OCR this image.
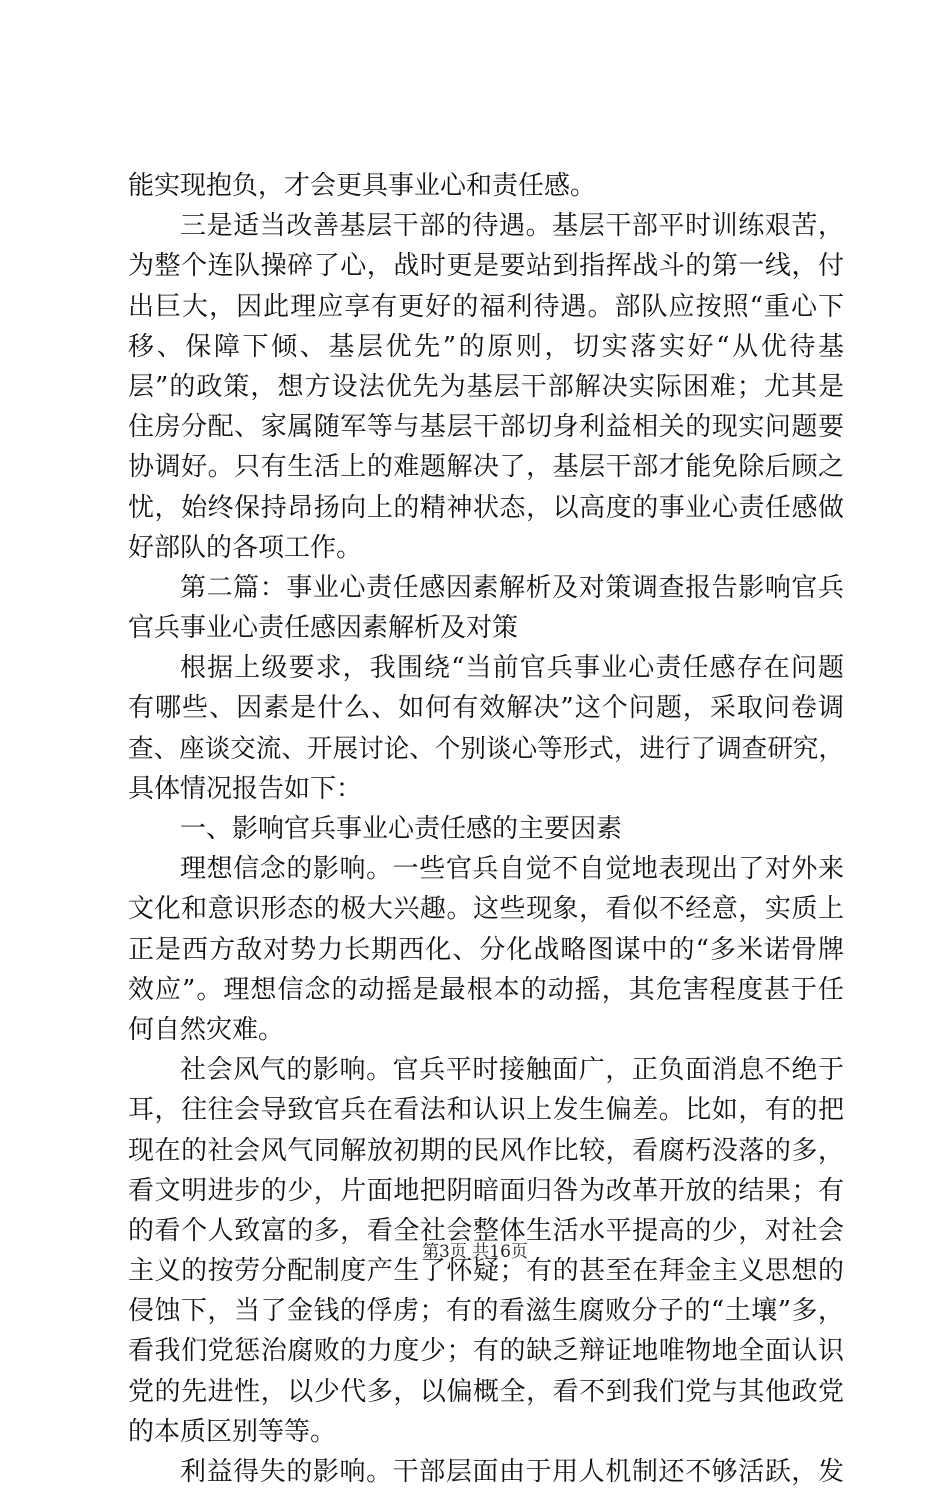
能实现抱负，才会更具事业心和责任感。
三是适当改善基层干部的待遇。基层干部平时训练艰苦，
为整个连队操碎了心，战时更是要站到指挥战斗的第一线，付
出巨大，因此理应享有更好的福利待遇。部队应按照“重心下
移、保障下倾、基层优先”的原则，切实落实好“从优待基
层”的政策，想方设法优先为基层干部解决实际困难；尤其是
住房分配、家属随军等与基层干部切身利益相关的现实问题要
协调好。只有生活上的难题解决了，基层干部才能免除后顾之
忧，始终保持昂扬向上的精神状态，以高度的事业心责任感做
好部队的各项工作。
第二篇：事业心责任感因素解析及对策调查报告影响官兵
官兵事业心责任感因素解析及对策
根据上级要求，我围绕“当前官兵事业心责任感存在问题
有哪些、因素是什么、如何有效解决”这个问题，采取问卷调
查、座谈交流、开展讨论、个别谈心等形式，进行了调查研究，
具体情况报告如下：
一、影响官兵事业心责任感的主要因素
理想信念的影响。一些官兵自觉不自觉地表现出了对外来
文化和意识形态的极大兴趣。这些现象，看似不经意，实质上
正是西方敌对势力长期西化、分化战略图谋中的“多米诺骨牌
效应”。理想信念的动摇是最根本的动摇，其危害程度甚于任
何自然灾难。
社会风气的影响。官兵平时接触面广，正负面消息不绝于
耳，往往会导致官兵在看法和认识上发生偏差。比如，有的把
现在的社会风气同解放初期的民风作比较，看腐朽没落的多，
看文明进步的少，片面地把阴暗面归咎为改革开放的结果；有
的看个人致富的多，看全社会整体生活水平提高的少，对社会
主义的按劳分配制度产生了怀疑；有的甚至在拜金主义思想的
侵蚀下，当了金钱的俘虏；有的看滋生腐败分子的“土壤”多，
看我们党惩治腐败的力度少；有的缺乏辩证地唯物地全面认识
党的先进性，以少代多，以偏概全，看不到我们党与其他政党
的本质区别等等。
利益得失的影响。干部层面由于用人机制还不够活跃，发
第3页 共16页
